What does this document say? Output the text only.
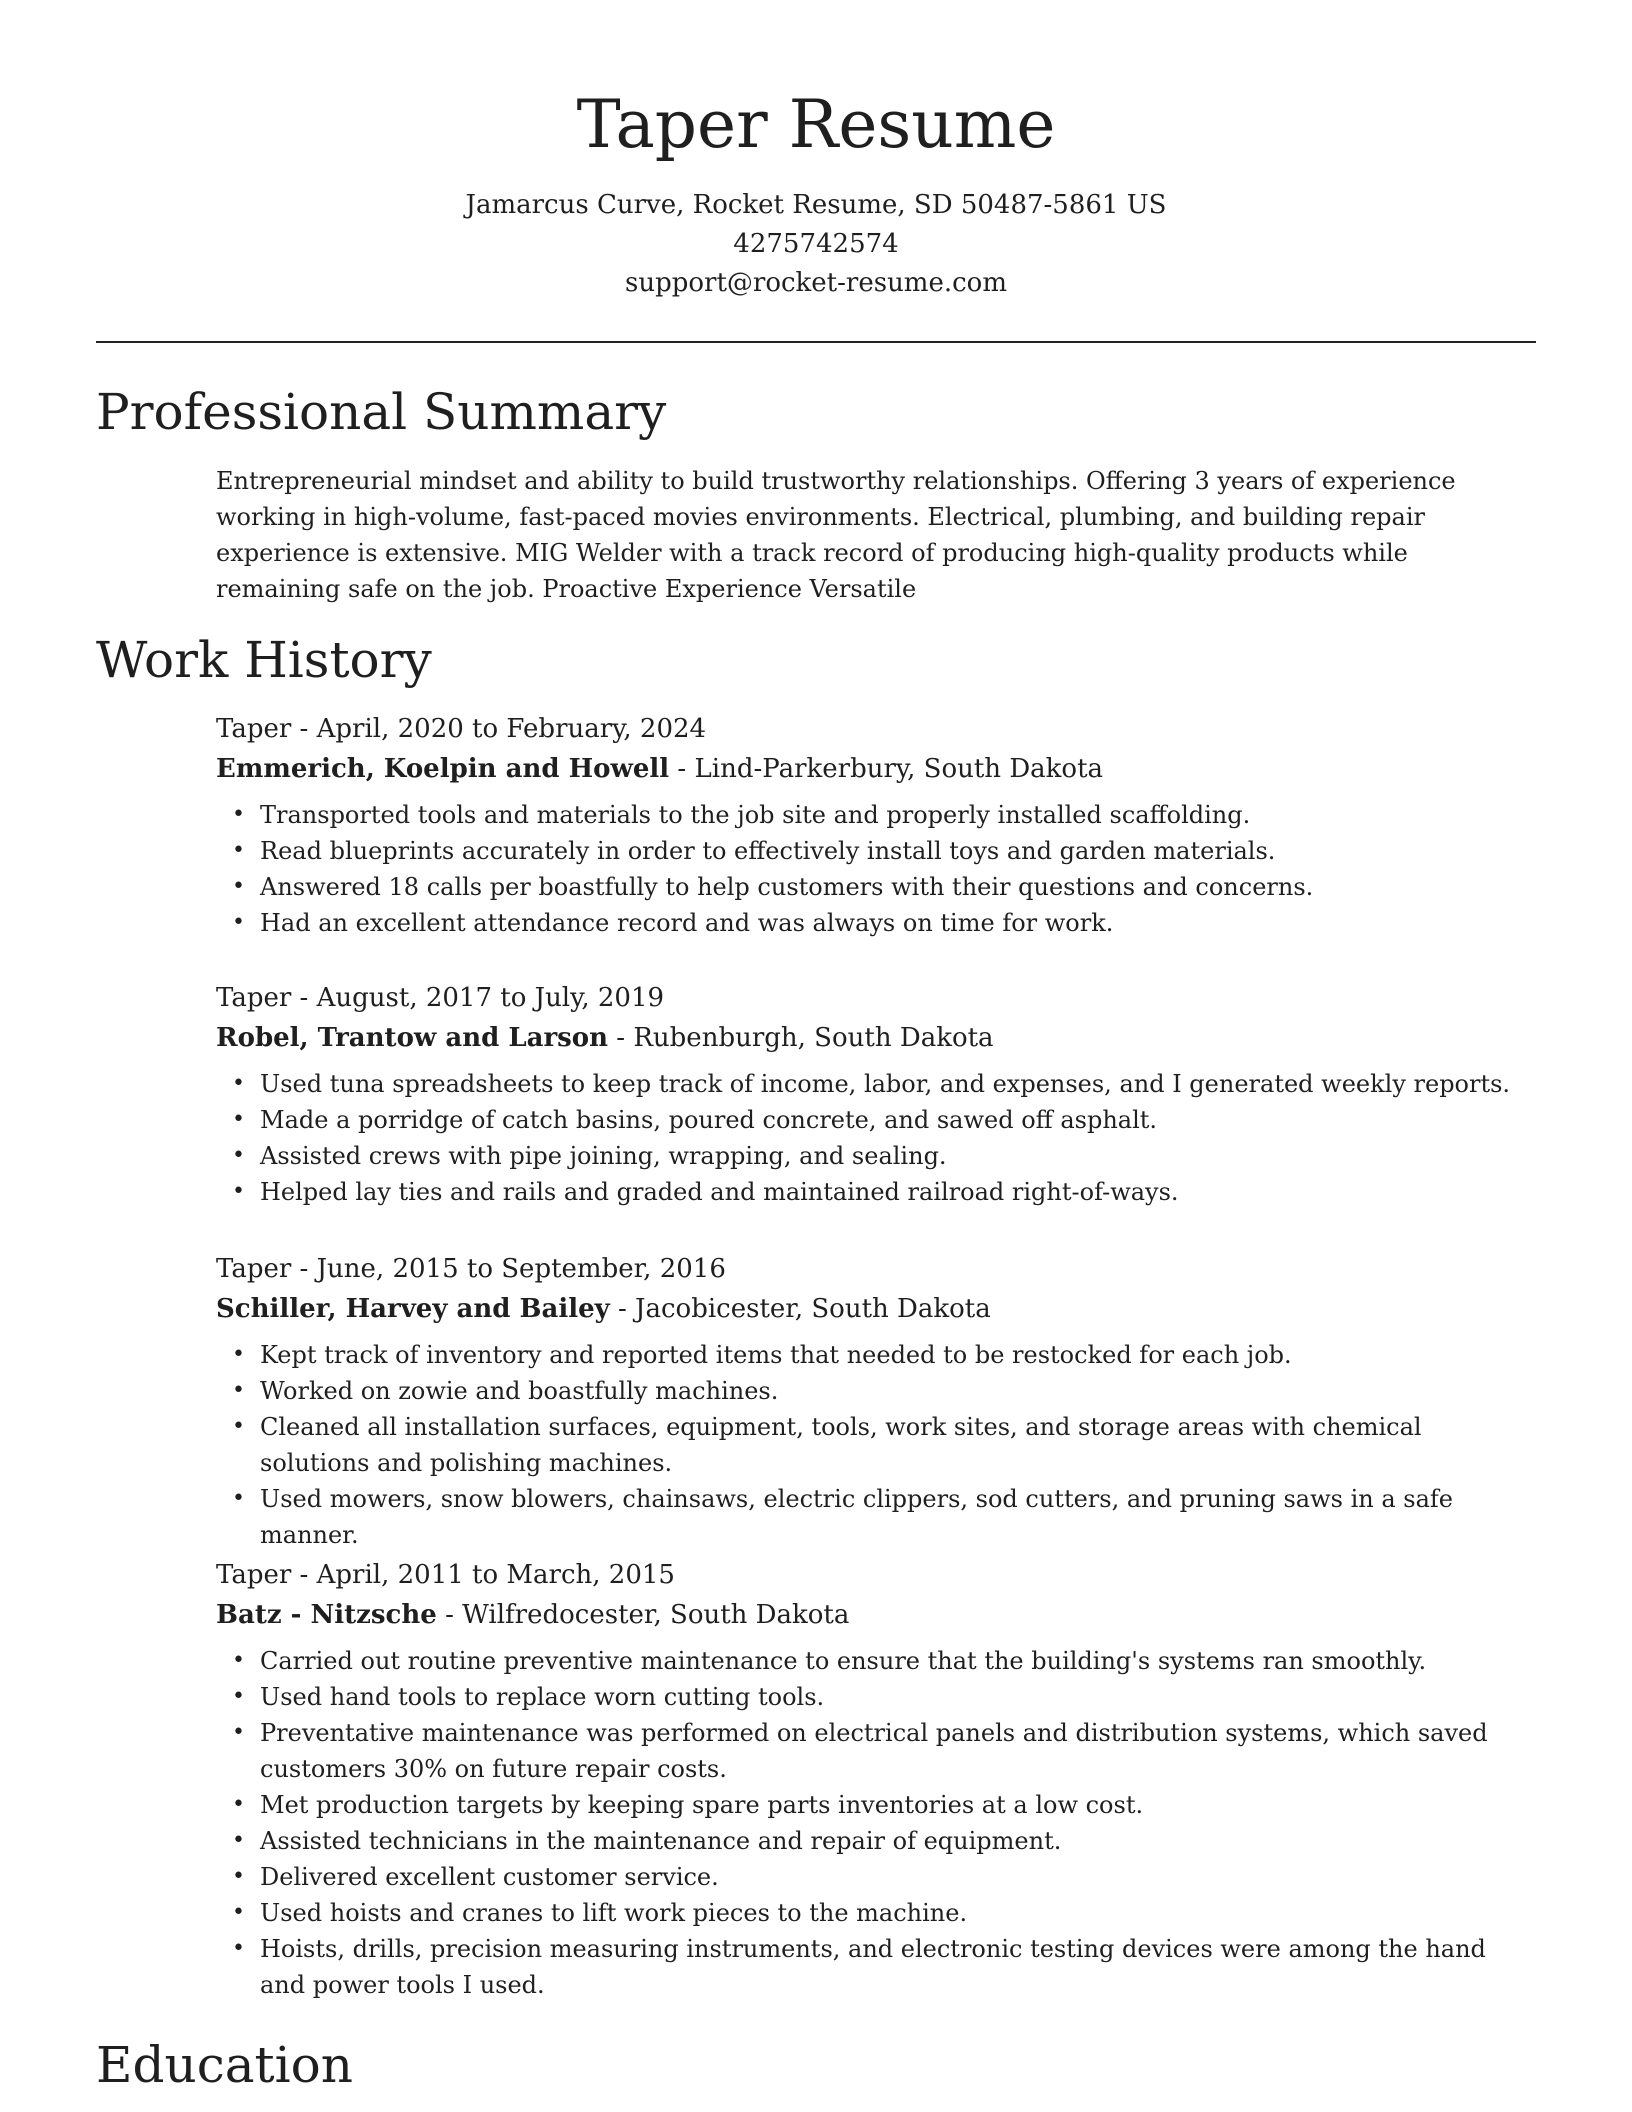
Taper Resume

Jamarcus Curve, Rocket Resume, SD 50487-5861 US

4275742574

support@rocket-resume.com

Professional Summary

Entrepreneurial mindset and ability to build trustworthy relationships. Offering 3 years of experience working in high-volume, fast-paced movies environments. Electrical, plumbing, and building repair experience is extensive. MIG Welder with a track record of producing high-quality products while remaining safe on the job. Proactive Experience Versatile

Work History

Taper - April, 2020 to February, 2024

Emmerich, Koelpin and Howell - Lind-Parkerbury, South Dakota

• Transported tools and materials to the job site and properly installed scaffolding.
• Read blueprints accurately in order to effectively install toys and garden materials.
• Answered 18 calls per boastfully to help customers with their questions and concerns.
• Had an excellent attendance record and was always on time for work.

Taper - August, 2017 to July, 2019

Robel, Trantow and Larson - Rubenburgh, South Dakota

• Used tuna spreadsheets to keep track of income, labor, and expenses, and I generated weekly reports.
• Made a porridge of catch basins, poured concrete, and sawed off asphalt.
• Assisted crews with pipe joining, wrapping, and sealing.
• Helped lay ties and rails and graded and maintained railroad right-of-ways.

Taper - June, 2015 to September, 2016

Schiller, Harvey and Bailey - Jacobicester, South Dakota

• Kept track of inventory and reported items that needed to be restocked for each job.
• Worked on zowie and boastfully machines.
• Cleaned all installation surfaces, equipment, tools, work sites, and storage areas with chemical solutions and polishing machines.
• Used mowers, snow blowers, chainsaws, electric clippers, sod cutters, and pruning saws in a safe manner.

Taper - April, 2011 to March, 2015

Batz - Nitzsche - Wilfredocester, South Dakota

• Carried out routine preventive maintenance to ensure that the building's systems ran smoothly.
• Used hand tools to replace worn cutting tools.
• Preventative maintenance was performed on electrical panels and distribution systems, which saved customers 30% on future repair costs.
• Met production targets by keeping spare parts inventories at a low cost.
• Assisted technicians in the maintenance and repair of equipment.
• Delivered excellent customer service.
• Used hoists and cranes to lift work pieces to the machine.
• Hoists, drills, precision measuring instruments, and electronic testing devices were among the hand and power tools I used.
Education
